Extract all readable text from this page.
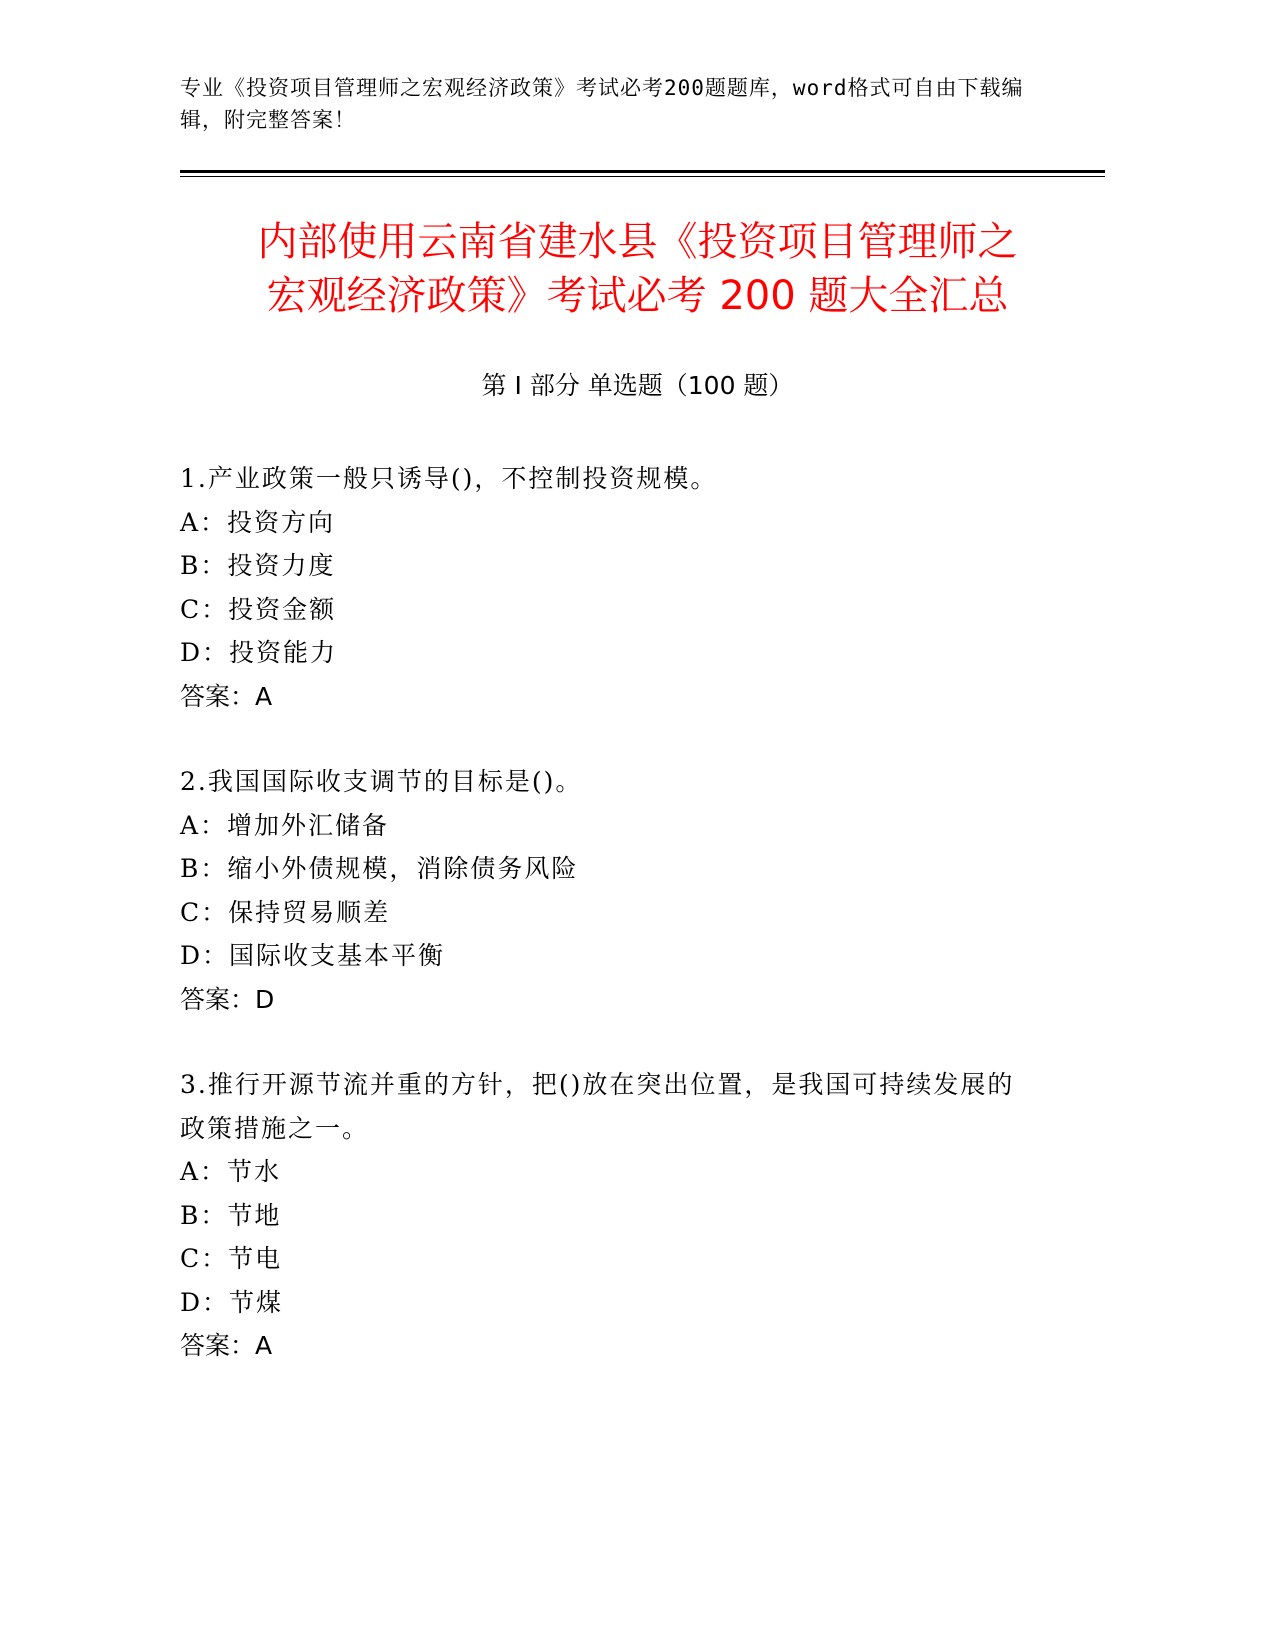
专业《投资项目管理师之宏观经济政策》考试必考200题题库，word格式可自由下载编辑，附完整答案！
内部使用云南省建水县《投资项目管理师之
宏观经济政策》考试必考 200 题大全汇总
第 I 部分 单选题（100 题）
1.产业政策一般只诱导()，不控制投资规模。
A：投资方向
B：投资力度
C：投资金额
D：投资能力
答案：A
2.我国国际收支调节的目标是()。
A：增加外汇储备
B：缩小外债规模，消除债务风险
C：保持贸易顺差
D：国际收支基本平衡
答案：D
3.推行开源节流并重的方针，把()放在突出位置，是我国可持续发展的政策措施之一。
A：节水
B：节地
C：节电
D：节煤
答案：A
